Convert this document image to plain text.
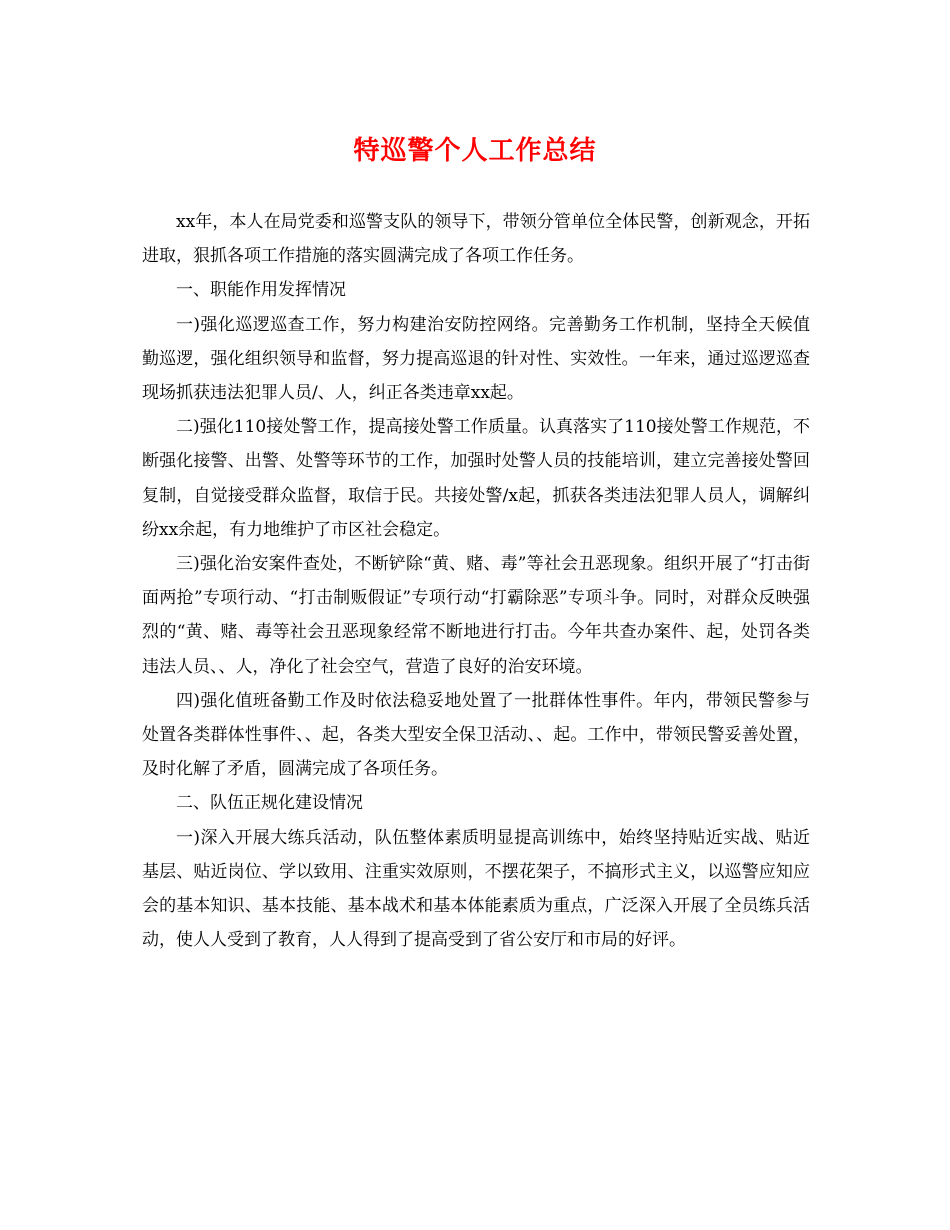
特巡警个人工作总结

xx年，本人在局党委和巡警支队的领导下，带领分管单位全体民警，创新观念，开拓进取，狠抓各项工作措施的落实圆满完成了各项工作任务。

一、职能作用发挥情况

一)强化巡逻巡查工作，努力构建治安防控网络。完善勤务工作机制，坚持全天候值勤巡逻，强化组织领导和监督，努力提高巡退的针对性、实效性。一年来，通过巡逻巡查现场抓获违法犯罪人员/、人，纠正各类违章xx起。

二)强化110接处警工作，提高接处警工作质量。认真落实了110接处警工作规范，不断强化接警、出警、处警等环节的工作，加强时处警人员的技能培训，建立完善接处警回复制，自觉接受群众监督，取信于民。共接处警/x起，抓获各类违法犯罪人员人，调解纠纷xx余起，有力地维护了市区社会稳定。

三)强化治安案件查处，不断铲除“黄、赌、毒”等社会丑恶现象。组织开展了“打击街面两抢”专项行动、“打击制贩假证”专项行动“打霸除恶”专项斗争。同时，对群众反映强烈的“黄、赌、毒等社会丑恶现象经常不断地进行打击。今年共查办案件、起，处罚各类违法人员、、人，净化了社会空气，营造了良好的治安环境。

四)强化值班备勤工作及时依法稳妥地处置了一批群体性事件。年内，带领民警参与处置各类群体性事件、、起，各类大型安全保卫活动、、起。工作中，带领民警妥善处置，及时化解了矛盾，圆满完成了各项任务。

二、队伍正规化建设情况

一)深入开展大练兵活动，队伍整体素质明显提高训练中，始终坚持贴近实战、贴近基层、贴近岗位、学以致用、注重实效原则，不摆花架子，不搞形式主义，以巡警应知应会的基本知识、基本技能、基本战术和基本体能素质为重点，广泛深入开展了全员练兵活动，使人人受到了教育，人人得到了提高受到了省公安厅和市局的好评。
